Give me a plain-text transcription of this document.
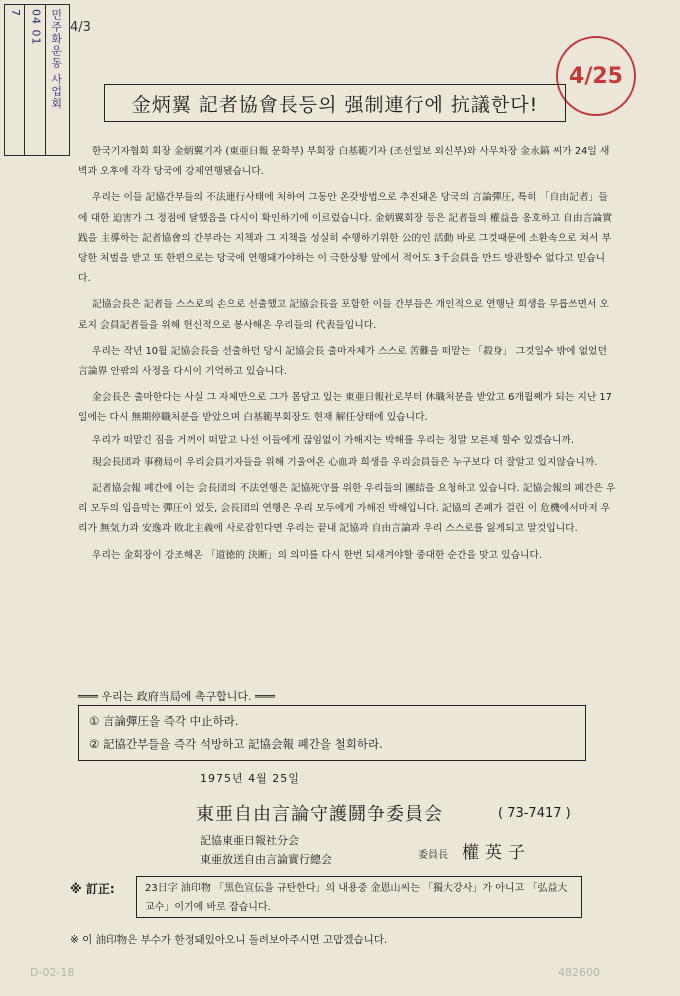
7 04 01 민주화운동 사업회 4/3
4/25
金炳翼 記者協會長등의 强制連行에 抗議한다!

한국기자협회 회장 金炳翼기자 (東亜日報 문화부) 부회장 白基範기자 (조선일보 외신부)와 사무차장 金永鎬 씨가 24일 새벽과 오후에 각각 당국에 강제연행됐습니다.

우리는 이들 記協간부들의 不法連行사태에 처하여 그동안 온갖방법으로 추진돼온 당국의 言論彈圧, 특히 「自由記者」들에 대한 迫害가 그 정점에 달했음을 다시이 확인하기에 이르렀습니다. 金炳翼회장 등은 記者들의 權益을 옹호하고 自由言論實践을 主導하는 記者協會의 간부라는 지책과 그 지책을 성실히 수행하기위한 公的인 活動 바로 그것때문에 소환속으로 쳐서 부당한 처벌을 받고 또 한편으로는 당국에 연행돼가야하는 이 극한상황 앞에서 적어도 3千会員을 만드 방관할수 없다고 믿습니다.

記協会長은 記者들 스스로의 손으로 선출했고 記協会長을 포함한 이들 간부들은 개인적으로 연행난 희생을 무릅쓰면서 오로지 会員記者들을 위해 헌신적으로 봉사해온 우리들의 代表들입니다.

우리는 작년 10월 記協会長을 선출하던 당시 記協会長 출마자체가 스스로 苦難을 떠맡는 「殺身」 그것일수 밖에 없었던 言論界 안팎의 사정을 다시이 기억하고 있습니다.

金会長은 출마한다는 사실 그 자체만으로 그가 몸담고 있는 東亜日報社로부터 休職처분을 받았고 6개월째가 되는 지난 17일에는 다시 無期停職처분을 받았으며 白基範부회장도 현재 解任상태에 있습니다.

우리가 떠맡긴 짐을 거꺼이 떠맡고 나선 이들에게 끊임없이 가해지는 박해를 우리는 정말 모른채 할수 있겠습니까.

現会長団과 事務局이 우리会員기자들을 위해 기울여온 心血과 희생을 우리会員들은 누구보다 더 잘알고 있지않습니까.

記者協会報 폐간에 이는 会長団의 不法연행은 記協死守를 위한 우리들의 團結을 요청하고 있습니다. 記協会報의 폐간은 우리 모두의 입을막는 彈圧이 었듯, 会長団의 연행은 우리 모두에게 가해진 박해입니다. 記協의 존폐가 걸린 이 危機에서마저 우리가 無気力과 安逸과 敗北主義에 사로잡힌다면 우리는 끝내 記協과 自由言論과 우리 스스로를 잃게되고 말것입니다.

우리는 金회장이 강조해온 「道徳的 決断」의 의미를 다시 한번 되새겨야할 중대한 순간을 맞고 있습니다.

═══ 우리는 政府当局에 촉구합니다. ═══
① 言論彈圧을 즉각 中止하라.
② 記協간부들을 즉각 석방하고 記協会報 폐간을 철회하라.
1975년 4월 25일
東亜自由言論守護鬪争委員会	( 73-7417 )
記協東亜日報社分会
東亜放送自由言論實行總会	委員長 權英子
※ 訂正:	23日字 油印物 「黒色宣伝을 규탄한다」의 내용중 金恩山씨는 「獨大강사」가 아니고 「弘益大 교수」이기에 바로 잡습니다.
※ 이 油印物은 부수가 한정돼있아오니 돌려보아주시면 고맙겠습니다.
D-02-18	482600
